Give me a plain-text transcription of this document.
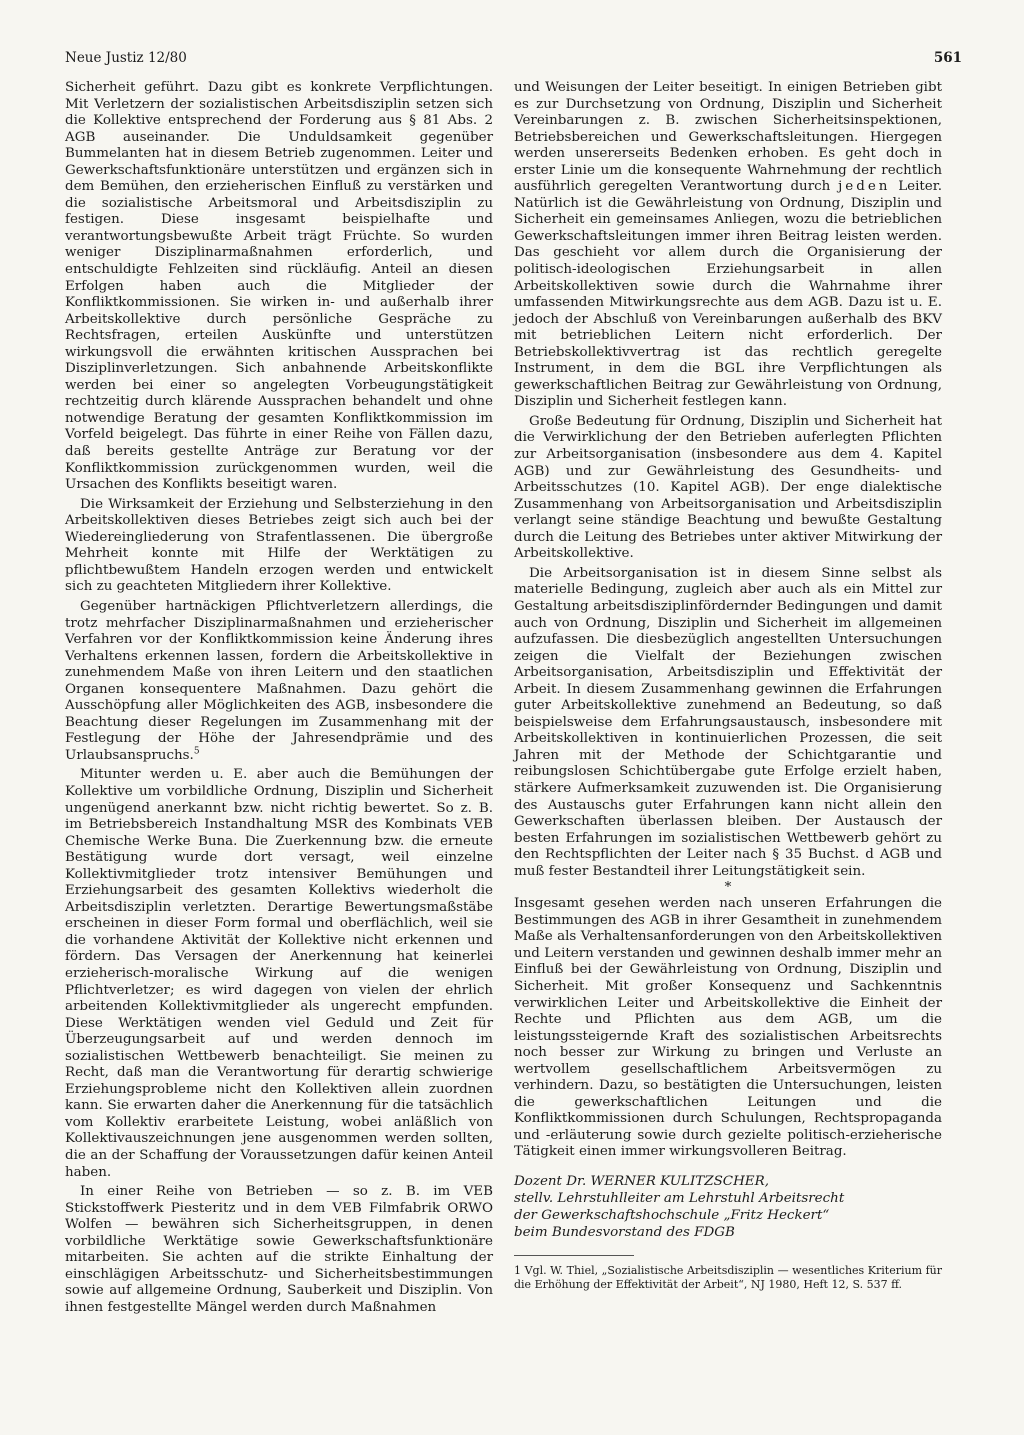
Neue Justiz 12/80	561

Sicherheit geführt. Dazu gibt es konkrete Verpflichtungen. Mit Verletzern der sozialistischen Arbeitsdisziplin setzen sich die Kollektive entsprechend der Forderung aus § 81 Abs. 2 AGB auseinander. Die Unduldsamkeit gegenüber Bummelanten hat in diesem Betrieb zugenommen. Leiter und Gewerkschaftsfunktionäre unterstützen und ergänzen sich in dem Bemühen, den erzieherischen Einfluß zu verstärken und die sozialistische Arbeitsmoral und Arbeitsdisziplin zu festigen. Diese insgesamt beispielhafte und verantwortungsbewußte Arbeit trägt Früchte. So wurden weniger Disziplinarmaßnahmen erforderlich, und entschuldigte Fehlzeiten sind rückläufig. Anteil an diesen Erfolgen haben auch die Mitglieder der Konfliktkommissionen. Sie wirken in- und außerhalb ihrer Arbeitskollektive durch persönliche Gespräche zu Rechtsfragen, erteilen Auskünfte und unterstützen wirkungsvoll die erwähnten kritischen Aussprachen bei Disziplinverletzungen. Sich anbahnende Arbeitskonflikte werden bei einer so angelegten Vorbeugungstätigkeit rechtzeitig durch klärende Aussprachen behandelt und ohne notwendige Beratung der gesamten Konfliktkommission im Vorfeld beigelegt. Das führte in einer Reihe von Fällen dazu, daß bereits gestellte Anträge zur Beratung vor der Konfliktkommission zurückgenommen wurden, weil die Ursachen des Konflikts beseitigt waren.

Die Wirksamkeit der Erziehung und Selbsterziehung in den Arbeitskollektiven dieses Betriebes zeigt sich auch bei der Wiedereingliederung von Strafentlassenen. Die übergroße Mehrheit konnte mit Hilfe der Werktätigen zu pflichtbewußtem Handeln erzogen werden und entwickelt sich zu geachteten Mitgliedern ihrer Kollektive.

Gegenüber hartnäckigen Pflichtverletzern allerdings, die trotz mehrfacher Disziplinarmaßnahmen und erzieherischer Verfahren vor der Konfliktkommission keine Änderung ihres Verhaltens erkennen lassen, fordern die Arbeitskollektive in zunehmendem Maße von ihren Leitern und den staatlichen Organen konsequentere Maßnahmen. Dazu gehört die Ausschöpfung aller Möglichkeiten des AGB, insbesondere die Beachtung dieser Regelungen im Zusammenhang mit der Festlegung der Höhe der Jahresendprämie und des Urlaubsanspruchs.$^5$

Mitunter werden u. E. aber auch die Bemühungen der Kollektive um vorbildliche Ordnung, Disziplin und Sicherheit ungenügend anerkannt bzw. nicht richtig bewertet. So z. B. im Betriebsbereich Instandhaltung MSR des Kombinats VEB Chemische Werke Buna. Die Zuerkennung bzw. die erneute Bestätigung wurde dort versagt, weil einzelne Kollektivmitglieder trotz intensiver Bemühungen und Erziehungsarbeit des gesamten Kollektivs wiederholt die Arbeitsdisziplin verletzten. Derartige Bewertungsmaßstäbe erscheinen in dieser Form formal und oberflächlich, weil sie die vorhandene Aktivität der Kollektive nicht erkennen und fördern. Das Versagen der Anerkennung hat keinerlei erzieherisch-moralische Wirkung auf die wenigen Pflichtverletzer; es wird dagegen von vielen der ehrlich arbeitenden Kollektivmitglieder als ungerecht empfunden. Diese Werktätigen wenden viel Geduld und Zeit für Überzeugungsarbeit auf und werden dennoch im sozialistischen Wettbewerb benachteiligt. Sie meinen zu Recht, daß man die Verantwortung für derartig schwierige Erziehungsprobleme nicht den Kollektiven allein zuordnen kann. Sie erwarten daher die Anerkennung für die tatsächlich vom Kollektiv erarbeitete Leistung, wobei anläßlich von Kollektivauszeichnungen jene ausgenommen werden sollten, die an der Schaffung der Voraussetzungen dafür keinen Anteil haben.

In einer Reihe von Betrieben — so z. B. im VEB Stickstoffwerk Piesteritz und in dem VEB Filmfabrik ORWO Wolfen — bewähren sich Sicherheitsgruppen, in denen vorbildliche Werktätige sowie Gewerkschaftsfunktionäre mitarbeiten. Sie achten auf die strikte Einhaltung der einschlägigen Arbeitsschutz- und Sicherheitsbestimmungen sowie auf allgemeine Ordnung, Sauberkeit und Disziplin. Von ihnen festgestellte Mängel werden durch Maßnahmen

und Weisungen der Leiter beseitigt. In einigen Betrieben gibt es zur Durchsetzung von Ordnung, Disziplin und Sicherheit Vereinbarungen z. B. zwischen Sicherheitsinspektionen, Betriebsbereichen und Gewerkschaftsleitungen. Hiergegen werden unsererseits Bedenken erhoben. Es geht doch in erster Linie um die konsequente Wahrnehmung der rechtlich ausführlich geregelten Verantwortung durch jeden Leiter. Natürlich ist die Gewährleistung von Ordnung, Disziplin und Sicherheit ein gemeinsames Anliegen, wozu die betrieblichen Gewerkschaftsleitungen immer ihren Beitrag leisten werden. Das geschieht vor allem durch die Organisierung der politisch-ideologischen Erziehungsarbeit in allen Arbeitskollektiven sowie durch die Wahrnahme ihrer umfassenden Mitwirkungsrechte aus dem AGB. Dazu ist u. E. jedoch der Abschluß von Vereinbarungen außerhalb des BKV mit betrieblichen Leitern nicht erforderlich. Der Betriebskollektivvertrag ist das rechtlich geregelte Instrument, in dem die BGL ihre Verpflichtungen als gewerkschaftlichen Beitrag zur Gewährleistung von Ordnung, Disziplin und Sicherheit festlegen kann.

Große Bedeutung für Ordnung, Disziplin und Sicherheit hat die Verwirklichung der den Betrieben auferlegten Pflichten zur Arbeitsorganisation (insbesondere aus dem 4. Kapitel AGB) und zur Gewährleistung des Gesundheits- und Arbeitsschutzes (10. Kapitel AGB). Der enge dialektische Zusammenhang von Arbeitsorganisation und Arbeitsdisziplin verlangt seine ständige Beachtung und bewußte Gestaltung durch die Leitung des Betriebes unter aktiver Mitwirkung der Arbeitskollektive.

Die Arbeitsorganisation ist in diesem Sinne selbst als materielle Bedingung, zugleich aber auch als ein Mittel zur Gestaltung arbeitsdisziplinfördernder Bedingungen und damit auch von Ordnung, Disziplin und Sicherheit im allgemeinen aufzufassen. Die diesbezüglich angestellten Untersuchungen zeigen die Vielfalt der Beziehungen zwischen Arbeitsorganisation, Arbeitsdisziplin und Effektivität der Arbeit. In diesem Zusammenhang gewinnen die Erfahrungen guter Arbeitskollektive zunehmend an Bedeutung, so daß beispielsweise dem Erfahrungsaustausch, insbesondere mit Arbeitskollektiven in kontinuierlichen Prozessen, die seit Jahren mit der Methode der Schichtgarantie und reibungslosen Schichtübergabe gute Erfolge erzielt haben, stärkere Aufmerksamkeit zuzuwenden ist. Die Organisierung des Austauschs guter Erfahrungen kann nicht allein den Gewerkschaften überlassen bleiben. Der Austausch der besten Erfahrungen im sozialistischen Wettbewerb gehört zu den Rechtspflichten der Leiter nach § 35 Buchst. d AGB und muß fester Bestandteil ihrer Leitungstätigkeit sein.

*

Insgesamt gesehen werden nach unseren Erfahrungen die Bestimmungen des AGB in ihrer Gesamtheit in zunehmendem Maße als Verhaltensanforderungen von den Arbeitskollektiven und Leitern verstanden und gewinnen deshalb immer mehr an Einfluß bei der Gewährleistung von Ordnung, Disziplin und Sicherheit. Mit großer Konsequenz und Sachkenntnis verwirklichen Leiter und Arbeitskollektive die Einheit der Rechte und Pflichten aus dem AGB, um die leistungssteigernde Kraft des sozialistischen Arbeitsrechts noch besser zur Wirkung zu bringen und Verluste an wertvollem gesellschaftlichem Arbeitsvermögen zu verhindern. Dazu, so bestätigten die Untersuchungen, leisten die gewerkschaftlichen Leitungen und die Konfliktkommissionen durch Schulungen, Rechtspropaganda und -erläuterung sowie durch gezielte politisch-erzieherische Tätigkeit einen immer wirkungsvolleren Beitrag.

Dozent Dr. WERNER KULITZSCHER,
stellv. Lehrstuhlleiter am Lehrstuhl Arbeitsrecht
der Gewerkschaftshochschule „Fritz Heckert“
beim Bundesvorstand des FDGB

1 Vgl. W. Thiel, „Sozialistische Arbeitsdisziplin — wesentliches Kriterium für die Erhöhung der Effektivität der Arbeit“, NJ 1980, Heft 12, S. 537 ff.
